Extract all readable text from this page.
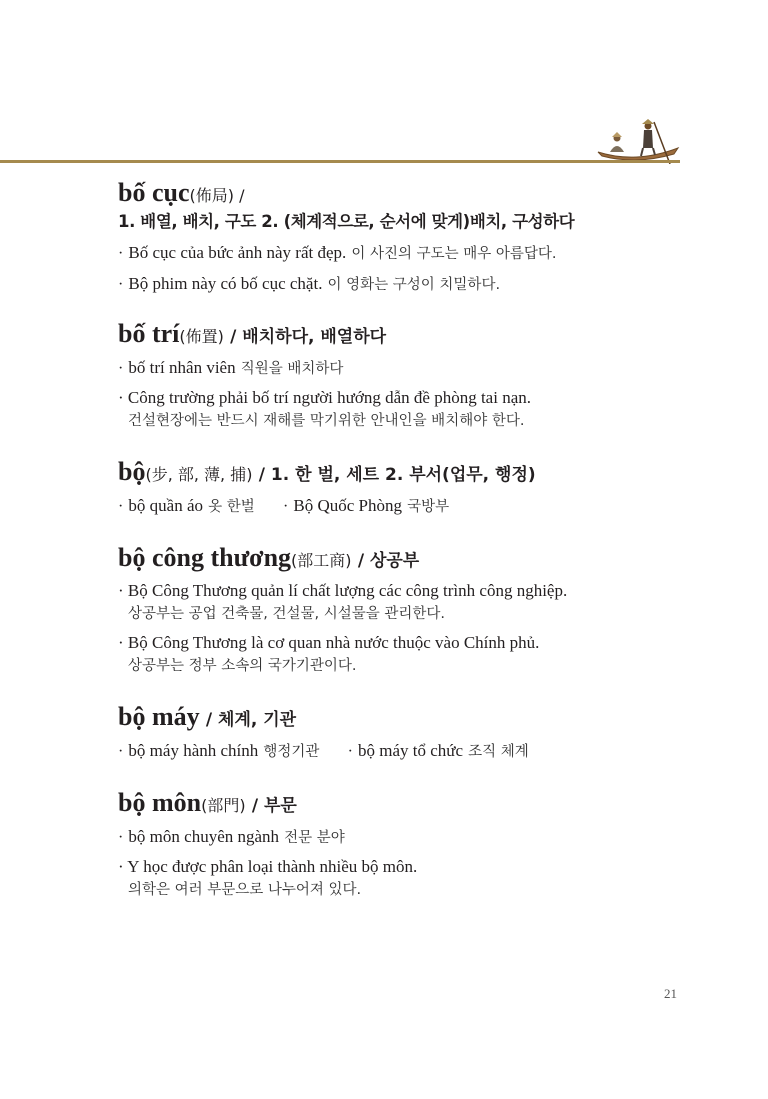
bố cục(佈局) /
1. 배열, 배치, 구도 2. (체계적으로, 순서에 맞게)배치, 구성하다
· Bố cục của bức ảnh này rất đẹp. 이 사진의 구도는 매우 아름답다.
· Bộ phim này có bố cục chặt. 이 영화는 구성이 치밀하다.
bố trí(佈置) / 배치하다, 배열하다
· bố trí nhân viên 직원을 배치하다
· Công trường phải bố trí người hướng dẫn đề phòng tai nạn.
건설현장에는 반드시 재해를 막기위한 안내인을 배치해야 한다.
bộ(步, 部, 薄, 捕) / 1. 한 벌, 세트 2. 부서(업무, 행정)
· bộ quần áo 옷 한벌 · Bộ Quốc Phòng 국방부
bộ công thương(部工商) / 상공부
· Bộ Công Thương quản lí chất lượng các công trình công nghiệp.
상공부는 공업 건축물, 건설물, 시설물을 관리한다.
· Bộ Công Thương là cơ quan nhà nước thuộc vào Chính phủ.
상공부는 정부 소속의 국가기관이다.
bộ máy / 체계, 기관
· bộ máy hành chính 행정기관 · bộ máy tổ chức 조직 체계
bộ môn(部門) / 부문
· bộ môn chuyên ngành 전문 분야
· Y học được phân loại thành nhiều bộ môn.
의학은 여러 부문으로 나누어져 있다.
21
